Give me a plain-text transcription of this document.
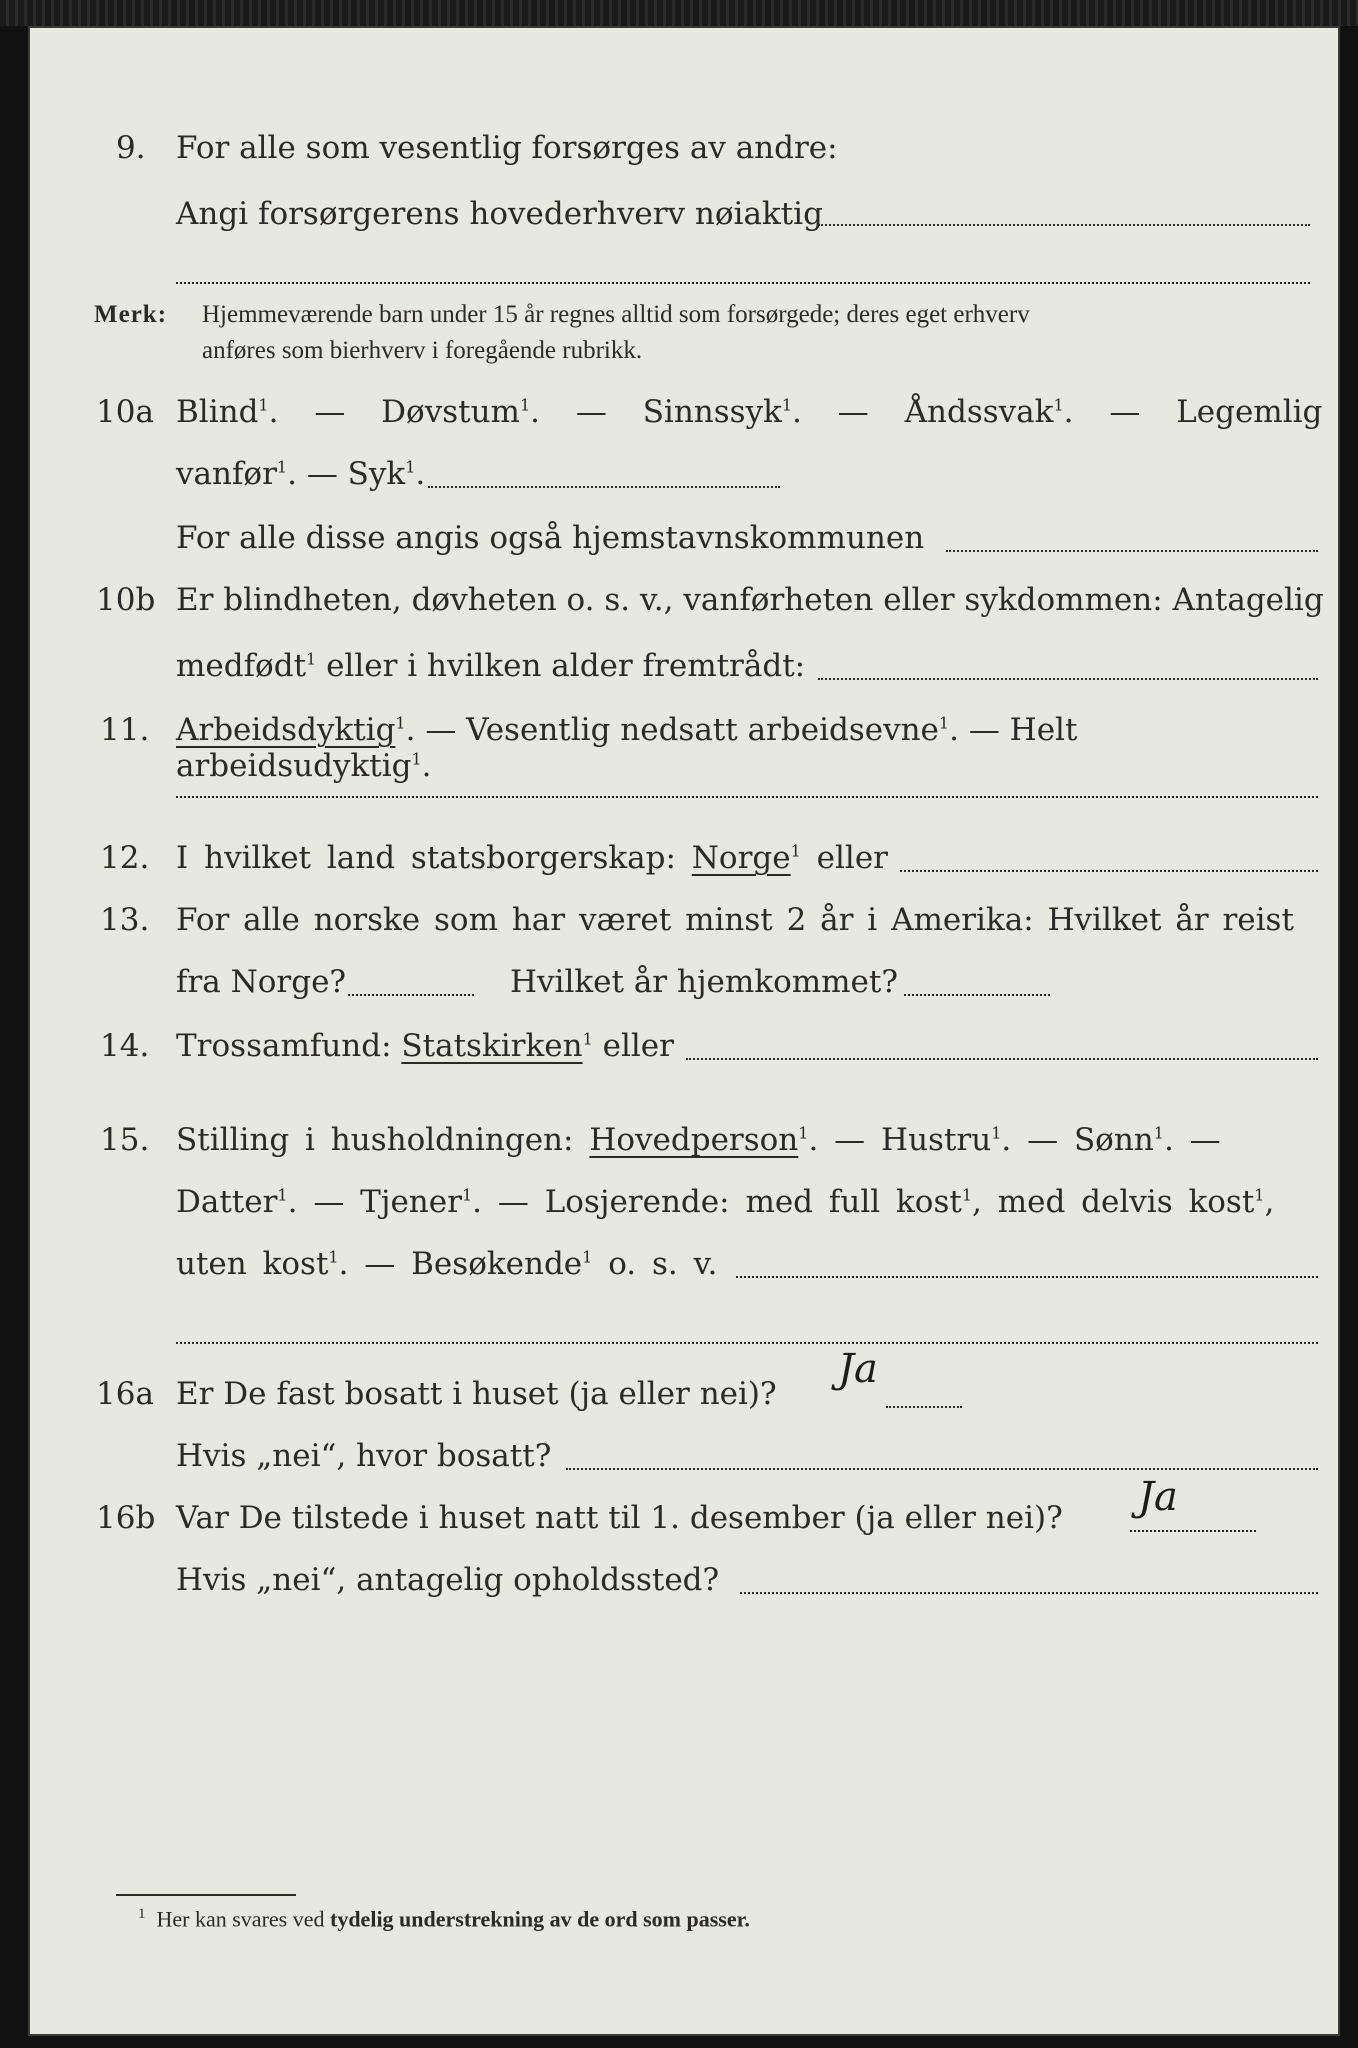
9. For alle som vesentlig forsørges av andre:
Angi forsørgerens hovederhverv nøiaktig
Merk: Hjemmeværende barn under 15 år regnes alltid som forsørgede; deres eget erhverv
anføres som bierhverv i foregående rubrikk.
10a Blind$^1$. — Døvstum$^1$. — Sinnssyk$^1$. — Åndssvak$^1$. — Legemlig
vanfør$^1$. — Syk$^1$.
For alle disse angis også hjemstavnskommunen
10b Er blindheten, døvheten o. s. v., vanførheten eller sykdommen: Antagelig
medfødt$^1$ eller i hvilken alder fremtrådt:
11. Arbeidsdyktig$^1$. — Vesentlig nedsatt arbeidsevne$^1$. — Helt arbeidsudyktig$^1$.
12. I hvilket land statsborgerskap: Norge$^1$ eller
13. For alle norske som har været minst 2 år i Amerika: Hvilket år reist
fra Norge?	Hvilket år hjemkommet?
14. Trossamfund: Statskirken$^1$ eller
15. Stilling i husholdningen: Hovedperson$^1$. — Hustru$^1$. — Sønn$^1$. —
Datter$^1$. — Tjener$^1$. — Losjerende: med full kost$^1$, med delvis kost$^1$,
uten kost$^1$. — Besøkende$^1$ o. s. v.
16a Er De fast bosatt i huset (ja eller nei)?
Ja
Hvis „nei“, hvor bosatt?
16b Var De tilstede i huset natt til 1. desember (ja eller nei)? Ja
Hvis „nei“, antagelig opholdssted?
$^1$ Her kan svares ved tydelig understrekning av de ord som passer.
